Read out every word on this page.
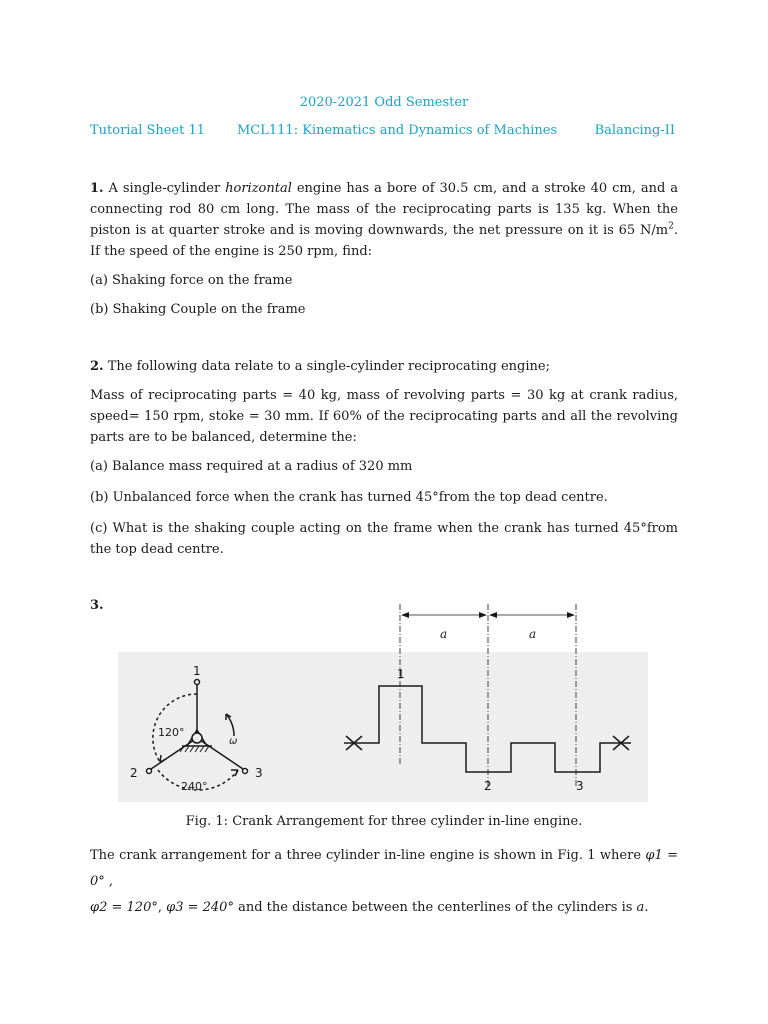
2020-2021 Odd Semester
Tutorial Sheet 11 MCL111: Kinematics and Dynamics of Machines	Balancing-II

1. A single-cylinder horizontal engine has a bore of 30.5 cm, and a stroke 40 cm, and a connecting rod 80 cm long. The mass of the reciprocating parts is 135 kg. When the piston is at quarter stroke and is moving downwards, the net pressure on it is 65 $N/m^2$. If the speed of the engine is 250 rpm, find:

(a) Shaking force on the frame

(b) Shaking Couple on the frame

2. The following data relate to a single-cylinder reciprocating engine;

Mass of reciprocating parts = 40 kg, mass of revolving parts = 30 kg at crank radius, speed= 150 rpm, stoke = 30 mm. If 60% of the reciprocating parts and all the revolving parts are to be balanced, determine the:

(a) Balance mass required at a radius of 320 mm

(b) Unbalanced force when the crank has turned 45°from the top dead centre.

(c) What is the shaking couple acting on the frame when the crank has turned 45°from the top dead centre.

3.

1
2	3
120°
240°
ω
a	a
1
2	3
Fig. 1: Crank Arrangement for three cylinder in-line engine.
The crank arrangement for a three cylinder in-line engine is shown in Fig. 1 where φ1 = 0° ,
φ2 = 120°, φ3 = 240° and the distance between the centerlines of the cylinders is a.
